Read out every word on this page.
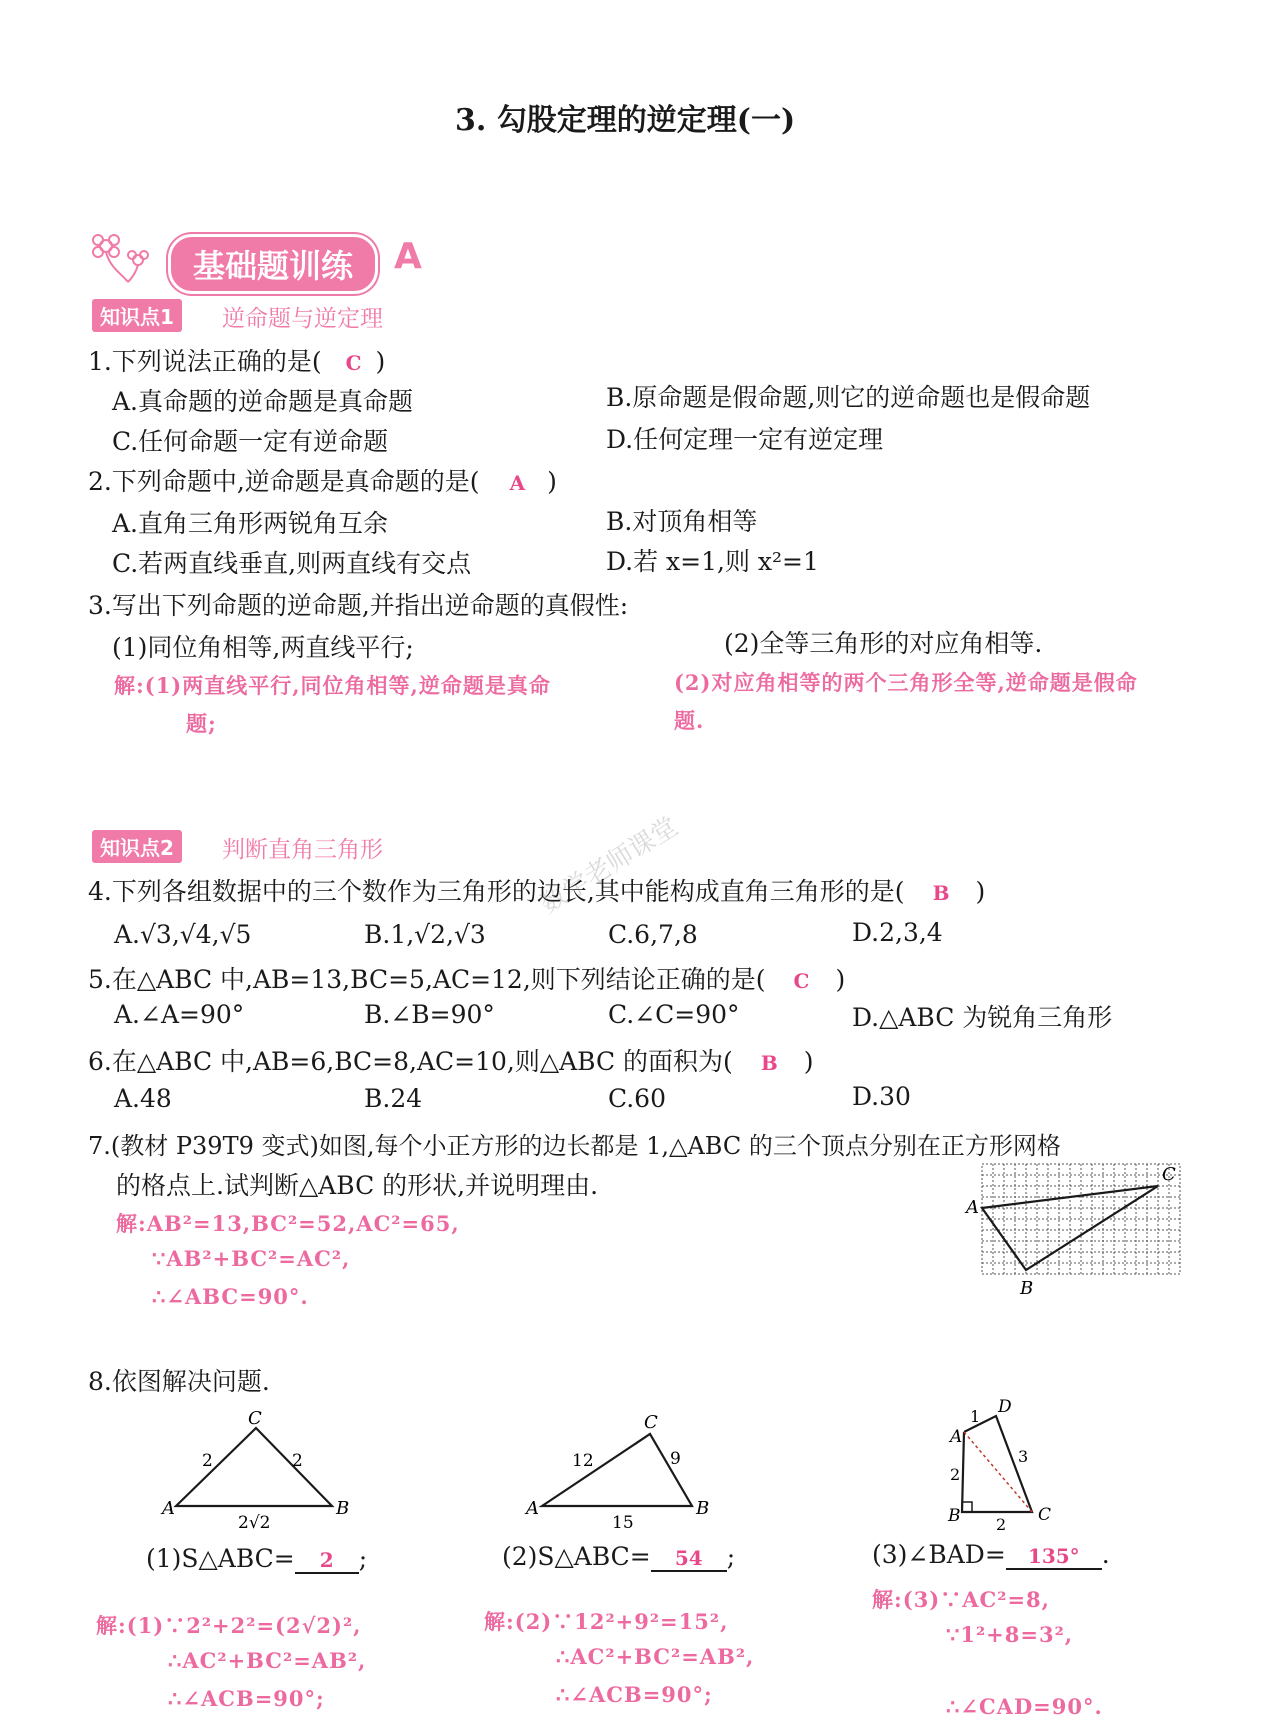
3. 勾股定理的逆定理(一)
基础题训练	A
知识点1	逆命题与逆定理
1.下列说法正确的是( C )
A.真命题的逆命题是真命题	B.原命题是假命题,则它的逆命题也是假命题
C.任何命题一定有逆命题	D.任何定理一定有逆定理
2.下列命题中,逆命题是真命题的是( A )
A.直角三角形两锐角互余	B.对顶角相等
C.若两直线垂直,则两直线有交点	D.若 x=1,则 x²=1
3.写出下列命题的逆命题,并指出逆命题的真假性:
(1)同位角相等,两直线平行;	(2)全等三角形的对应角相等.
解:(1)两直线平行,同位角相等,逆命题是真命
题;
(2)对应角相等的两个三角形全等,逆命题是假命
题.
知识点2	判断直角三角形	数学老师课堂
4.下列各组数据中的三个数作为三角形的边长,其中能构成直角三角形的是( B )
A.√3,√4,√5	B.1,√2,√3	C.6,7,8	D.2,3,4
5.在△ABC 中,AB=13,BC=5,AC=12,则下列结论正确的是( C )
A.∠A=90°	B.∠B=90°	C.∠C=90°	D.△ABC 为锐角三角形
6.在△ABC 中,AB=6,BC=8,AC=10,则△ABC 的面积为( B )
A.48	B.24	C.60	D.30
7.(教材 P39T9 变式)如图,每个小正方形的边长都是 1,△ABC 的三个顶点分别在正方形网格
的格点上.试判断△ABC 的形状,并说明理由.
解:AB²=13,BC²=52,AC²=65,
∵AB²+BC²=AC²,
∴∠ABC=90°.
A
C
B
8.依图解决问题.
C
A	B
2	2
2√2
C
A	B
12	9
15
D
A
B	C
1
2
3
2
(1)S△ABC= 2 ;	(2)S△ABC= 54 ;	(3)∠BAD= 135° .
解:(1)∵2²+2²=(2√2)²,
∴AC²+BC²=AB²,
∴∠ACB=90°;
解:(2)∵12²+9²=15²,
∴AC²+BC²=AB²,
∴∠ACB=90°;
解:(3)∵AC²=8,
∵1²+8=3²,
∴∠CAD=90°.
